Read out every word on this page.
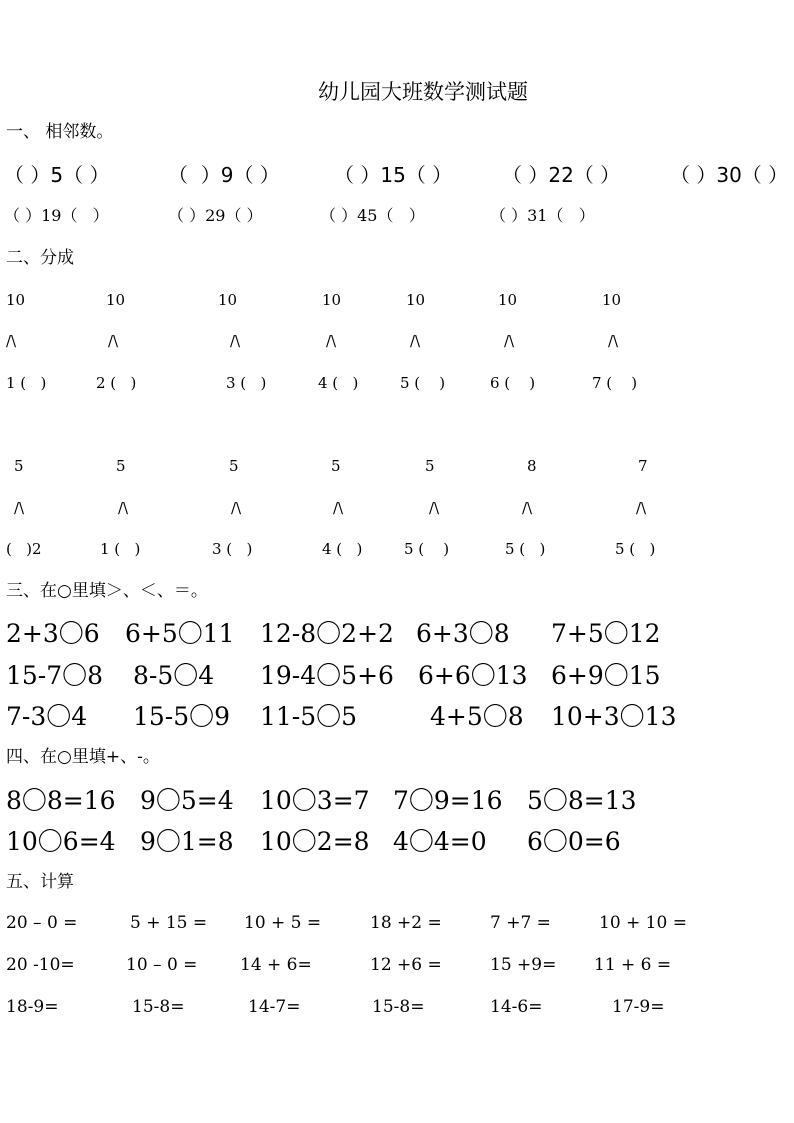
幼儿园大班数学测试题
一、 相邻数。
（ ）5（ ）	（  ）9（ ）	（ ）15（ ） （ ）22（ ） （ ）30（ ）
（ ）19（   ）	（ ）29（ ）	（ ）45（   ）	（ ）31（   ）
二、分成
10	10	10	10	10	10	10
/\	/\	/\	/\	/\	/\	/\
1 (   )	2 (   )	3 (   )	4 (   )	5 (    )	6 (    )	7 (    )
5	5	5	5	5	8	7
/\	/\	/\	/\	/\	/\	/\
(   )2	1 (   )	3 (   )	4 (   )	5 (    )	5 (   )	5 (   )
三、在○里填＞、＜、＝。
2+3〇6 6+5〇11 12-8〇2+2 6+3〇8 7+5〇12
15-7〇8 8-5〇4 19-4〇5+6 6+6〇13 6+9〇15
7-3〇4 15-5〇9 11-5〇5	4+5〇8 10+3〇13
四、在○里填+、-。
8〇8=16 9〇5=4 10〇3=7 7〇9=16 5〇8=13
10〇6=4 9〇1=8 10〇2=8 4〇4=0 6〇0=6
五、计算
20 – 0 =	5 + 15 = 10 + 5 =	18 +2 =	7 +7 =	10 + 10 =
20 -10=	10 – 0 =	14 + 6=	12 +6 =	15 +9= 11 + 6 =
18-9=	15-8=	14-7=	15-8=	14-6=	17-9=
